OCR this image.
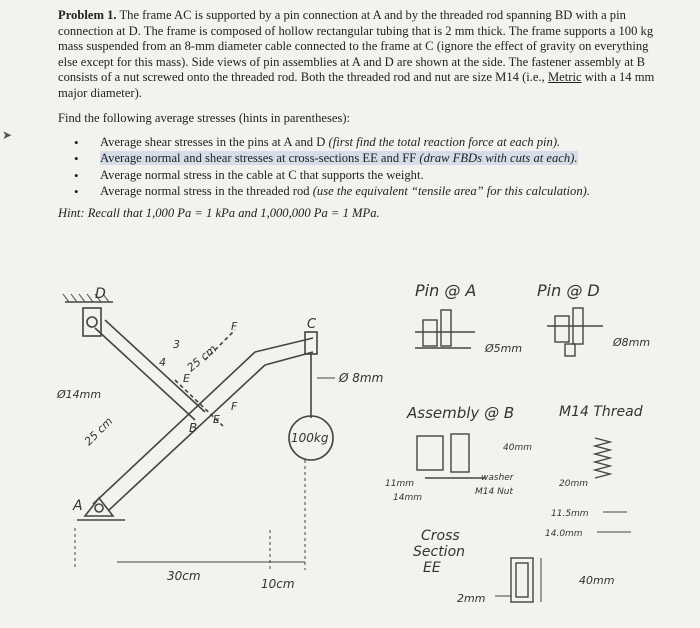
➤
Problem 1. The frame AC is supported by a pin connection at A and by the threaded rod spanning BD with a pin connection at D. The frame is composed of hollow rectangular tubing that is 2 mm thick. The frame supports a 100 kg mass suspended from an 8-mm diameter cable connected to the frame at C (ignore the effect of gravity on everything else except for this mass). Side views of pin assemblies at A and D are shown at the side. The fastener assembly at B consists of a nut screwed onto the threaded rod. Both the threaded rod and nut are size M14 (i.e., Metric with a 14 mm major diameter).
Find the following average stresses (hints in parentheses):
• Average shear stresses in the pins at A and D (first find the total reaction force at each pin).
• Average normal and shear stresses at cross-sections EE and FF (draw FBDs with cuts at each).
• Average normal stress in the cable at C that supports the weight.
• Average normal stress in the threaded rod (use the equivalent “tensile area” for this calculation).
Hint: Recall that 1,000 Pa = 1 kPa and 1,000,000 Pa = 1 MPa.
D
A
C
B
E
E
F
F
3
4 25 cm
25 cm
Ø14mm
Ø 8mm
100kg
30cm
10cm
Pin @ A
Ø5mm
Pin @ D
Ø8mm
Assembly @ B
40mm
11mm
14mm
washer
M14 Nut
M14 Thread
20mm
11.5mm
14.0mm
Cross
Section
EE
2mm
40mm
